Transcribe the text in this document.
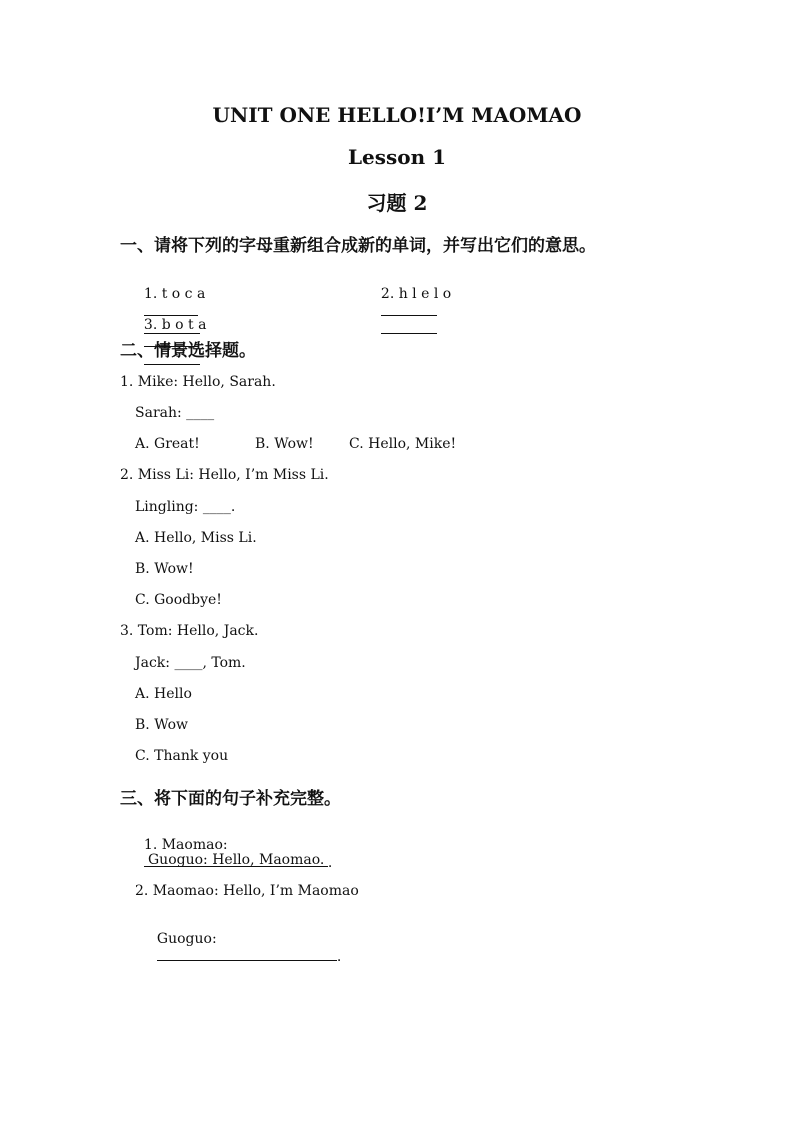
UNIT ONE HELLO!I’M MAOMAO
Lesson 1
习题 2
一、请将下列的字母重新组合成新的单词，并写出它们的意思。

1. t o c a

	2. h l e l o

3. b o t a

二、情景选择题。
1. Mike: Hello, Sarah.
Sarah: ____
A. Great!	B. Wow!	C. Hello, Mike!
2. Miss Li: Hello, I’m Miss Li.
Lingling: ____.
A. Hello, Miss Li.
B. Wow!
C. Goodbye!
3. Tom: Hello, Jack.
Jack: ____, Tom.
A. Hello
B. Wow
C. Thank you
三、将下面的句子补充完整。

1. Maomao:
.

Guoguo: Hello, Maomao.
2. Maomao: Hello, I’m Maomao

Guoguo:
.
